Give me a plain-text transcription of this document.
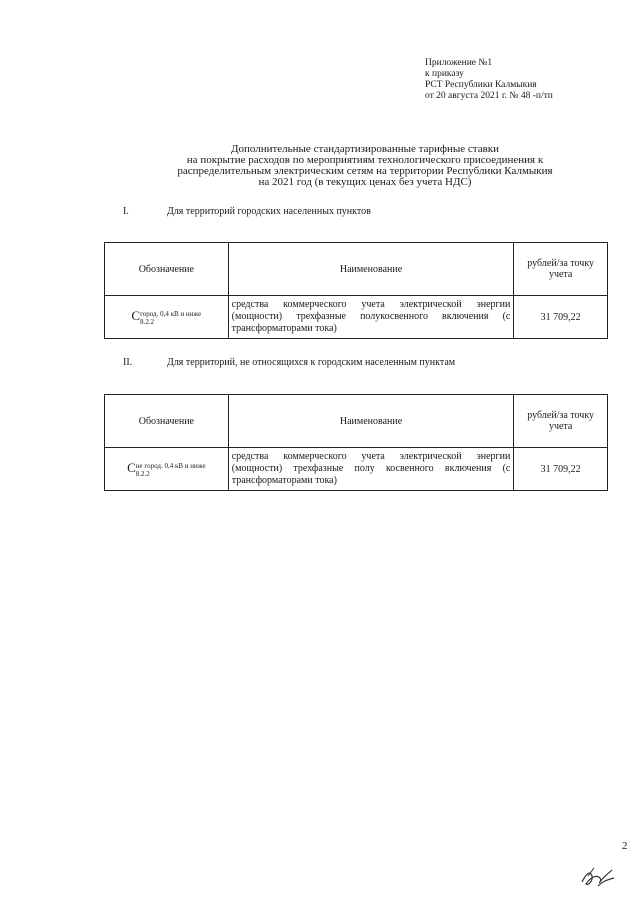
Приложение №1
к приказу
РСТ Республики Калмыкия
от 20 августа 2021 г. № 48 -п/тп
Дополнительные стандартизированные тарифные ставки
на покрытие расходов по мероприятиям технологического присоединения к
распределительным электрическим сетям на территории Республики Калмыкия
на 2021 год (в текущих ценах без учета НДС)
I.	Для территорий городских населенных пунктов
Обозначение	Наименование	рублей/за точку учета
Cгород. 0,4 кВ и ниже
8.2.2	средства коммерческого учета электрической энергии (мощности) трехфазные полукосвенного включения (с трансформаторами тока)	31 709,22
II.	Для территорий, не относящихся к городским населенным пунктам
Обозначение	Наименование	рублей/за точку учета
Cне город. 0,4 кВ и ниже
8.2.2	средства коммерческого учета электрической энергии (мощности) трехфазные полу косвенного включения (с трансформаторами тока)	31 709,22
2
